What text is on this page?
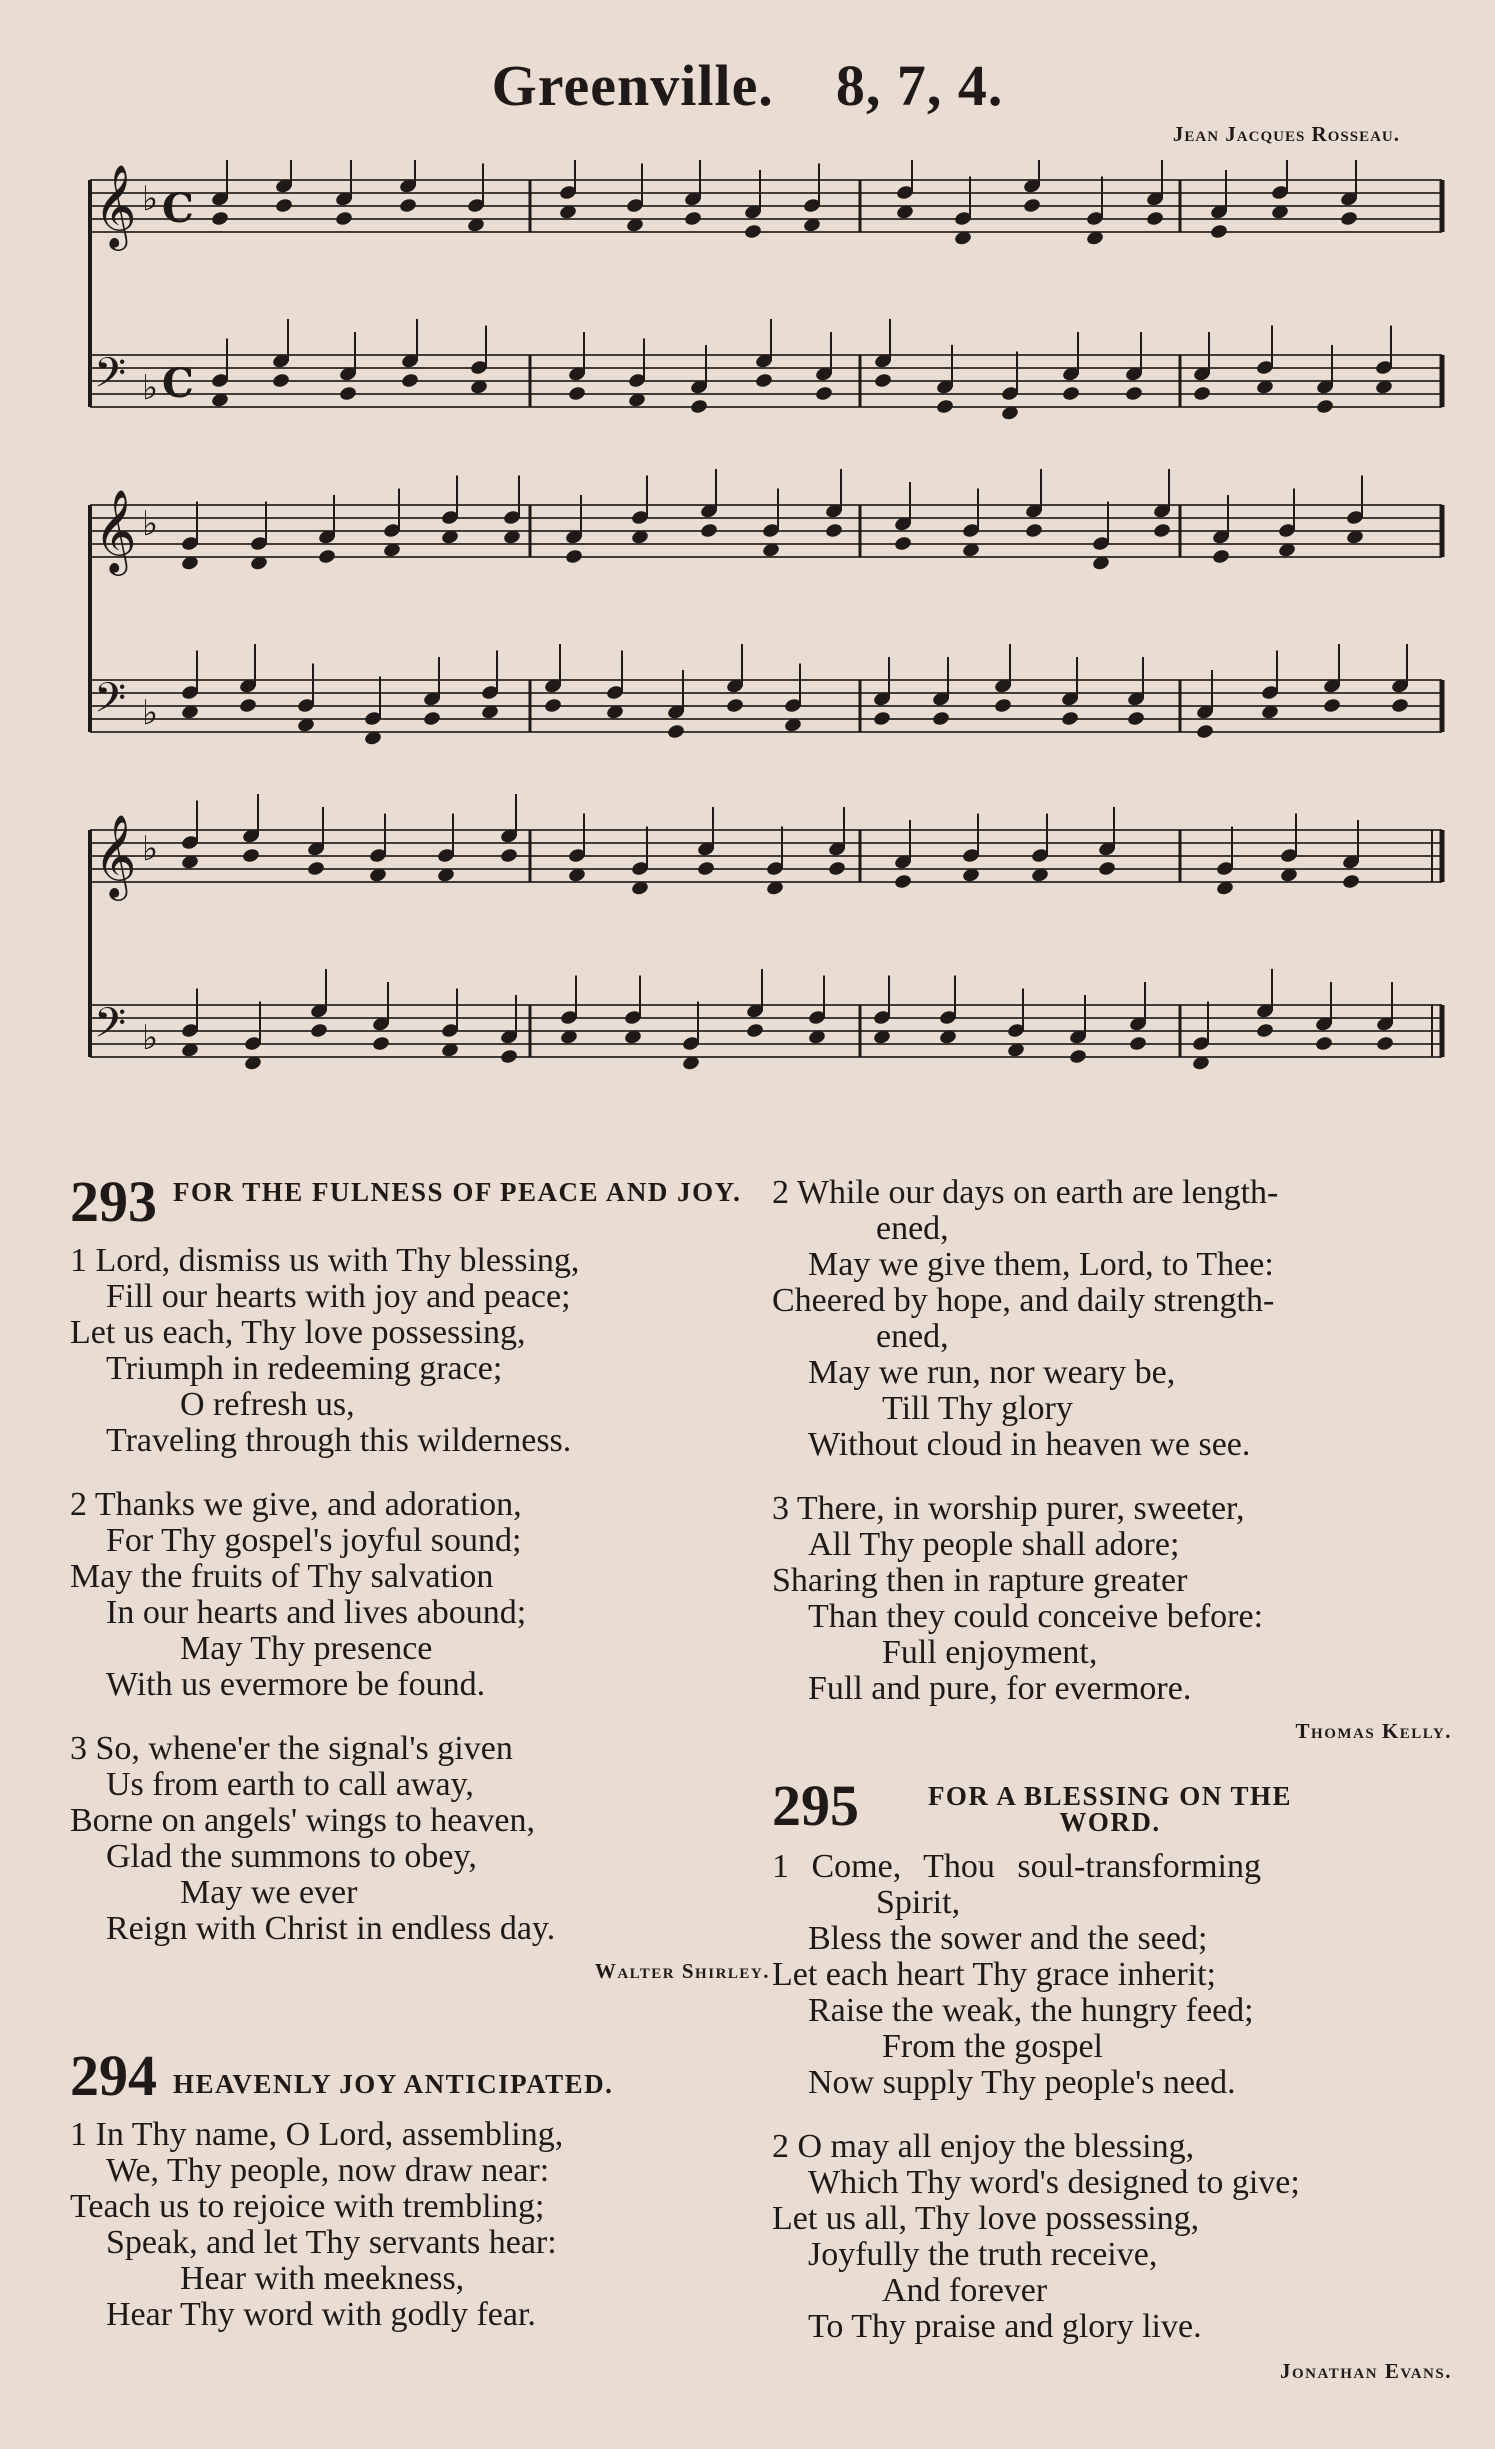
Greenville. 8, 7, 4.
Jean Jacques Rosseau.
𝄞 ♭ C
𝄢 ♭ C
𝄞 ♭
𝄢 ♭
𝄞 ♭
𝄢 ♭
293 FOR THE FULNESS OF PEACE AND JOY.
1 Lord, dismiss us with Thy blessing,
Fill our hearts with joy and peace;
Let us each, Thy love possessing,
Triumph in redeeming grace;
O refresh us,
Traveling through this wilderness.
2 Thanks we give, and adoration,
For Thy gospel's joyful sound;
May the fruits of Thy salvation
In our hearts and lives abound;
May Thy presence
With us evermore be found.
3 So, whene'er the signal's given
Us from earth to call away,
Borne on angels' wings to heaven,
Glad the summons to obey,
May we ever
Reign with Christ in endless day.
Walter Shirley.
294 HEAVENLY JOY ANTICIPATED.
1 In Thy name, O Lord, assembling,
We, Thy people, now draw near:
Teach us to rejoice with trembling;
Speak, and let Thy servants hear:
Hear with meekness,
Hear Thy word with godly fear.
2 While our days on earth are length-
ened,
May we give them, Lord, to Thee:
Cheered by hope, and daily strength-
ened,
May we run, nor weary be,
Till Thy glory
Without cloud in heaven we see.
3 There, in worship purer, sweeter,
All Thy people shall adore;
Sharing then in rapture greater
Than they could conceive before:
Full enjoyment,
Full and pure, for evermore.
Thomas Kelly.
295	FOR A BLESSING ON THE WORD.
1 Come, Thou soul-transforming
Spirit,
Bless the sower and the seed;
Let each heart Thy grace inherit;
Raise the weak, the hungry feed;
From the gospel
Now supply Thy people's need.
2 O may all enjoy the blessing,
Which Thy word's designed to give;
Let us all, Thy love possessing,
Joyfully the truth receive,
And forever
To Thy praise and glory live.
Jonathan Evans.
